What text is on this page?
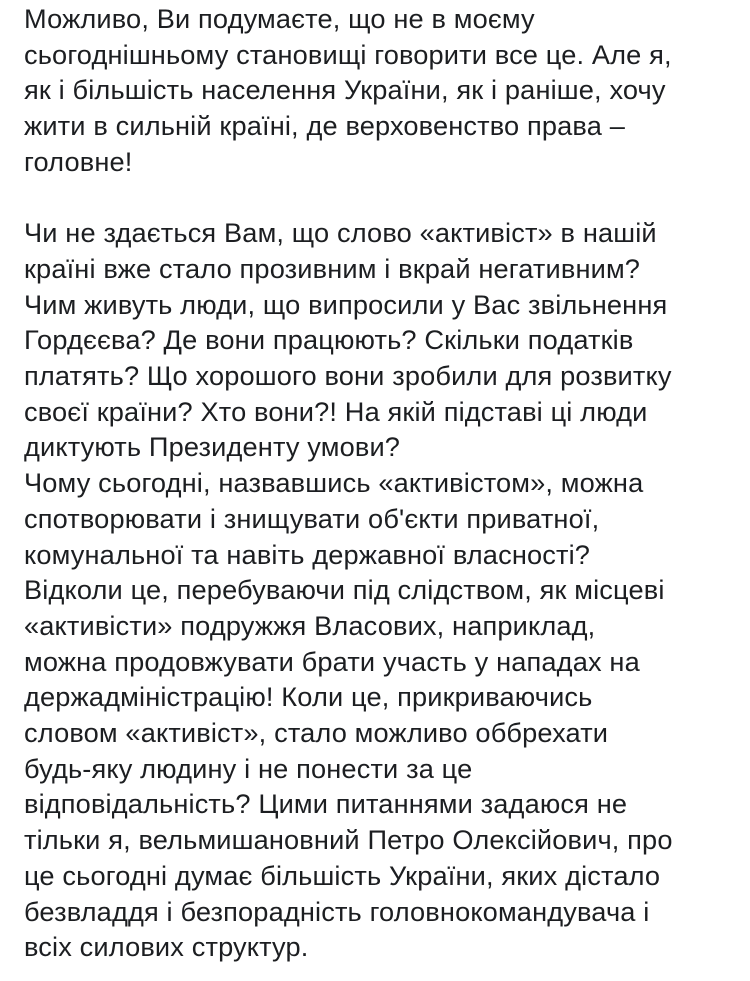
Можливо, Ви подумаєте, що не в моєму
сьогоднішньому становищі говорити все це. Але я,
як і більшість населення України, як і раніше, хочу
жити в сильній країні, де верховенство права –
головне!
Чи не здається Вам, що слово «активіст» в нашій
країні вже стало прозивним і вкрай негативним?
Чим живуть люди, що випросили у Вас звільнення
Гордєєва? Де вони працюють? Скільки податків
платять? Що хорошого вони зробили для розвитку
своєї країни? Хто вони?! На якій підставі ці люди
диктують Президенту умови?
Чому сьогодні, назвавшись «активістом», можна
спотворювати і знищувати об'єкти приватної,
комунальної та навіть державної власності?
Відколи це, перебуваючи під слідством, як місцеві
«активісти» подружжя Власових, наприклад,
можна продовжувати брати участь у нападах на
держадміністрацію! Коли це, прикриваючись
словом «активіст», стало можливо оббрехати
будь-яку людину і не понести за це
відповідальність? Цими питаннями задаюся не
тільки я, вельмишановний Петро Олексійович, про
це сьогодні думає більшість України, яких дістало
безвладдя і безпорадність головнокомандувача і
всіх силових структур.
